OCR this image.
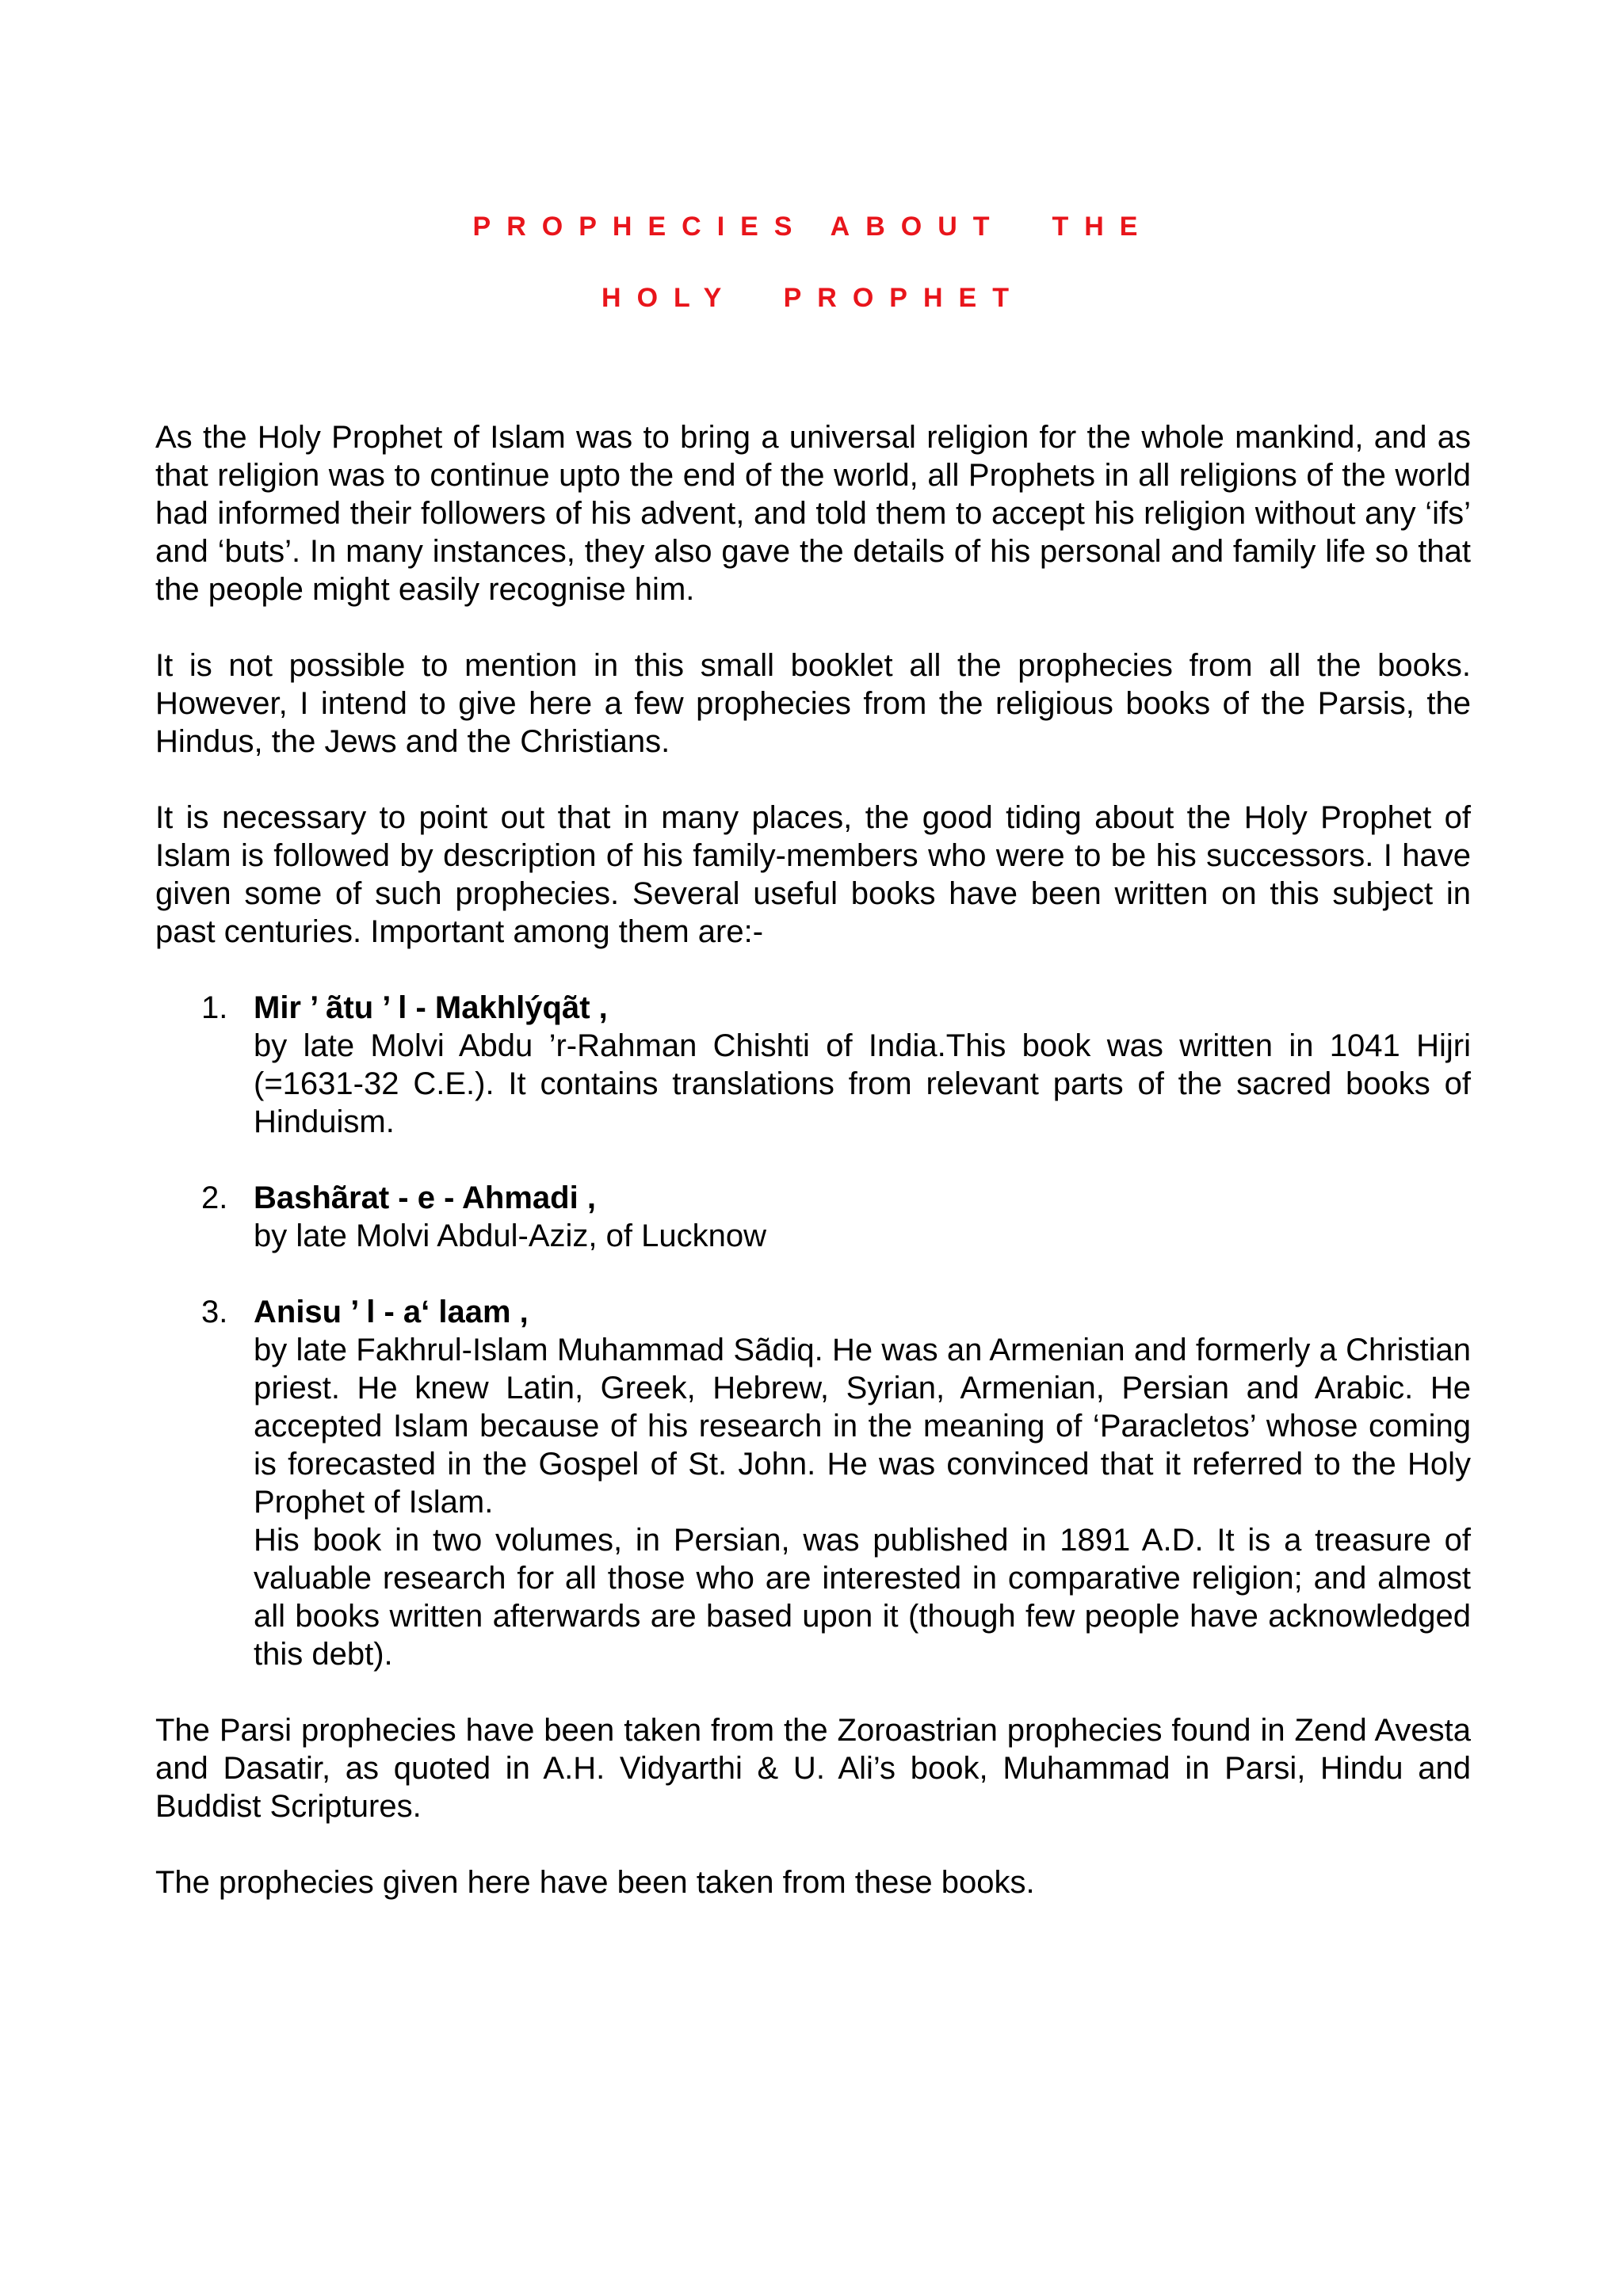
PROPHECIES ABOUT  THE
HOLY  PROPHET

As the Holy Prophet of Islam was to bring a universal religion for the whole mankind, and as that religion was to continue upto the end of the world, all Prophets in all religions of the world had informed their followers of his advent, and told them to accept his religion without any ‘ifs’ and ‘buts’. In many instances, they also gave the details of his personal and family life so that the people might easily recognise him.

It is not possible to mention in this small booklet all the prophecies from all the books. However, I intend to give here a few prophecies from the religious books of the Parsis, the Hindus, the Jews and the Christians.

It is necessary to point out that in many places, the good tiding about the Holy Prophet of Islam is followed by description of his family-members who were to be his successors. I have given some of such prophecies. Several useful books have been written on this subject in past centuries. Important among them are:-

1. Mir ’ ãtu ’ l - Makhlýqãt ,
by late Molvi Abdu ’r-Rahman Chishti of India.This book was written in 1041 Hijri (=1631-32 C.E.). It contains translations from relevant parts of the sacred books of Hinduism.
2. Bashãrat - e - Ahmadi ,
by late Molvi Abdul-Aziz, of Lucknow
3. Anisu ’ l - a‘ laam ,
by late Fakhrul-Islam Muhammad Sãdiq. He was an Armenian and formerly a Christian priest. He knew Latin, Greek, Hebrew, Syrian, Armenian, Persian and Arabic. He accepted Islam because of his research in the meaning of ‘Paracletos’ whose coming is forecasted in the Gospel of St. John. He was convinced that it referred to the Holy Prophet of Islam.
His book in two volumes, in Persian, was published in 1891 A.D. It is a treasure of valuable research for all those who are interested in comparative religion; and almost all books written afterwards are based upon it (though few people have acknowledged this debt).

The Parsi prophecies have been taken from the Zoroastrian prophecies found in Zend Avesta and Dasatir, as quoted in A.H. Vidyarthi & U. Ali’s book, Muhammad in Parsi, Hindu and Buddist Scriptures.

The prophecies given here have been taken from these books.
